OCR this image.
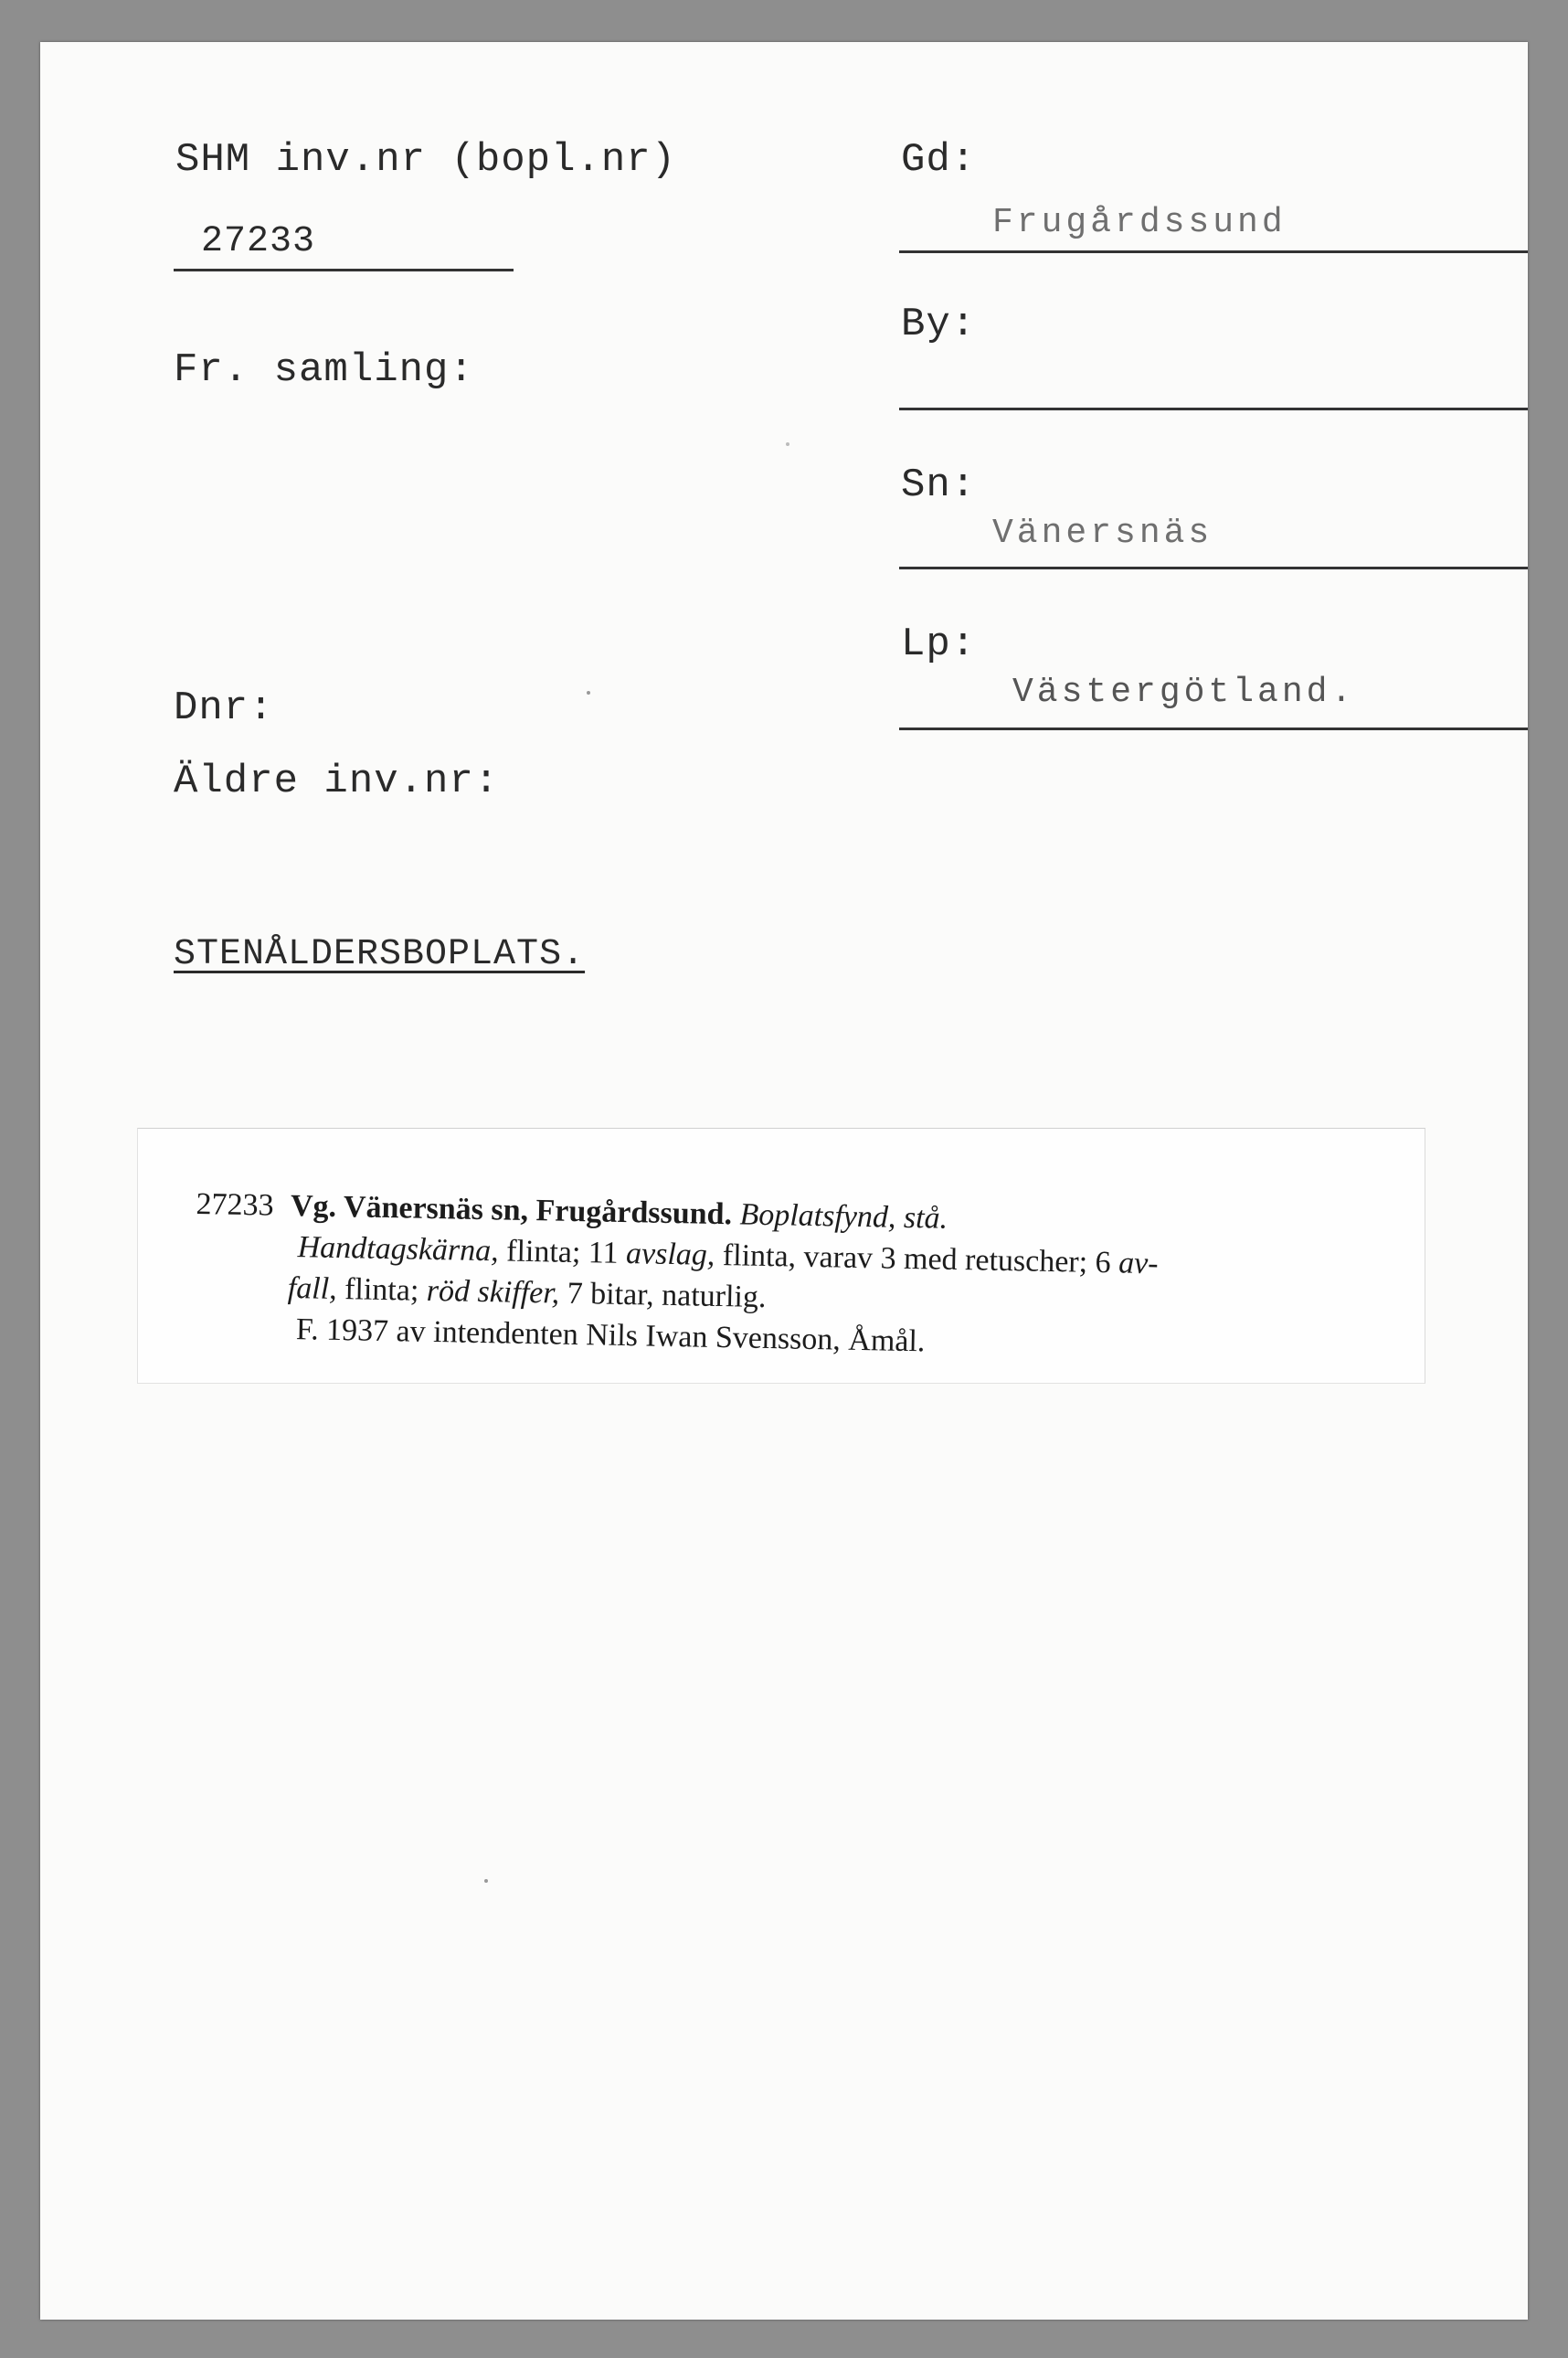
SHM inv.nr (bopl.nr)
27233
Fr. samling:
Dnr:
Äldre inv.nr:
STENÅLDERSBOPLATS.
Gd:
Frugårdssund
By:
Sn:
Vänersnäs
Lp:
Västergötland.
27233 Vg. Vänersnäs sn, Frugårdssund. Boplatsfynd, stå.
Handtagskärna, flinta; 11 avslag, flinta, varav 3 med retuscher; 6 av-
fall, flinta; röd skiffer, 7 bitar, naturlig.
F. 1937 av intendenten Nils Iwan Svensson, Åmål.
